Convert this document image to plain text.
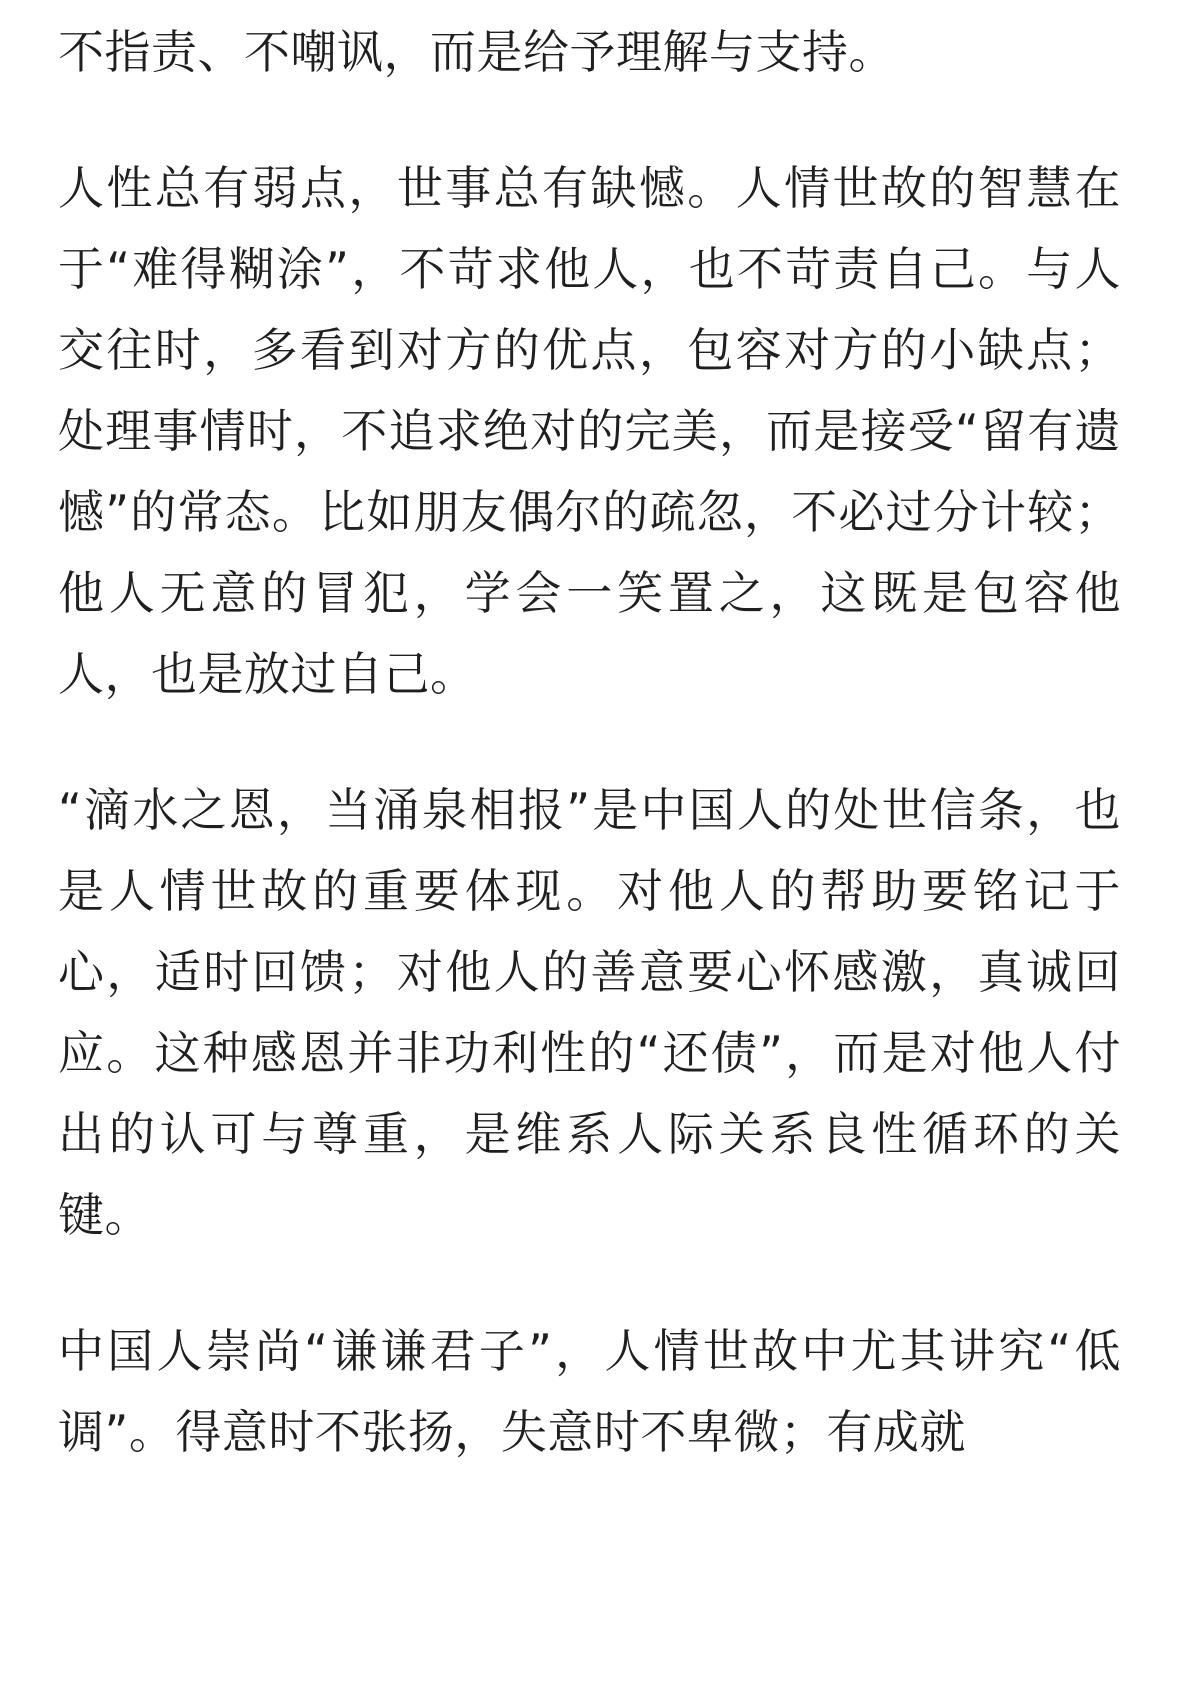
不指责、不嘲讽，而是给予理解与支持。

人性总有弱点，世事总有缺憾。人情世故的智慧在于“难得糊涂”，不苛求他人，也不苛责自己。与人交往时，多看到对方的优点，包容对方的小缺点；处理事情时，不追求绝对的完美，而是接受“留有遗憾”的常态。比如朋友偶尔的疏忽，不必过分计较；他人无意的冒犯，学会一笑置之，这既是包容他人，也是放过自己。

“滴水之恩，当涌泉相报”是中国人的处世信条，也是人情世故的重要体现。对他人的帮助要铭记于心，适时回馈；对他人的善意要心怀感激，真诚回应。这种感恩并非功利性的“还债”，而是对他人付出的认可与尊重，是维系人际关系良性循环的关键。

中国人崇尚“谦谦君子”，人情世故中尤其讲究“低调”。得意时不张扬，失意时不卑微；有成就
